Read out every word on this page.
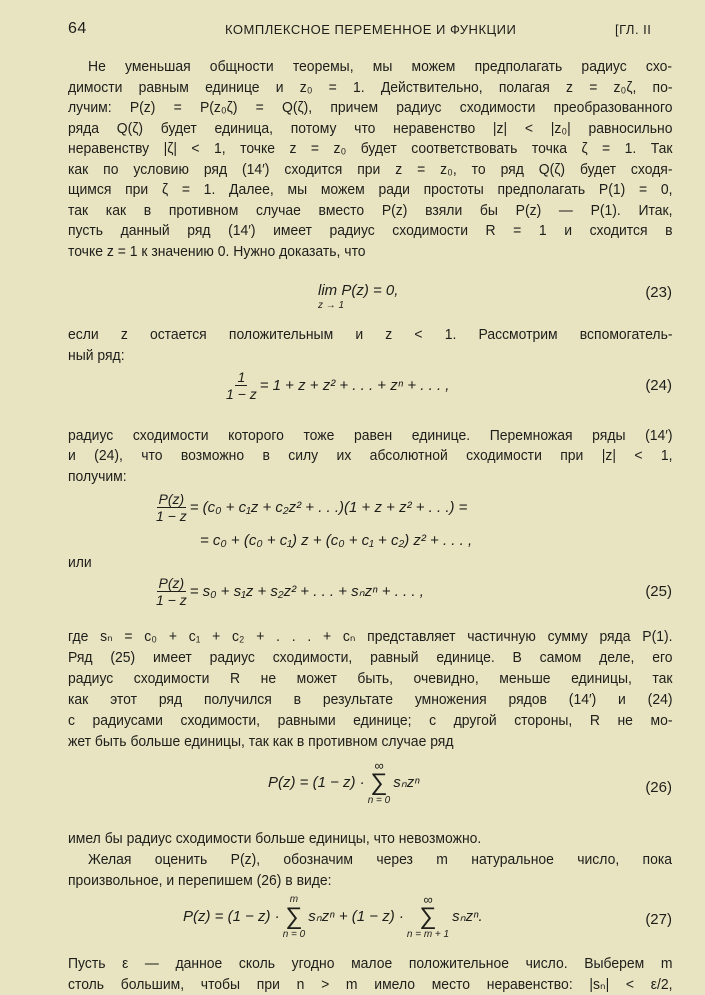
64	КОМПЛЕКСНОЕ ПЕРЕМЕННОЕ И ФУНКЦИИ	[ГЛ. II
Не уменьшая общности теоремы, мы можем предполагать радиус схо-
димости равным единице и z₀ = 1. Действительно, полагая z = z₀ζ, по-
лучим: P(z) = P(z₀ζ) = Q(ζ), причем радиус сходимости преобразованного
ряда Q(ζ) будет единица, потому что неравенство |z| < |z₀| равносильно
неравенству |ζ| < 1, точке z = z₀ будет соответствовать точка ζ = 1. Так
как по условию ряд (14′) сходится при z = z₀, то ряд Q(ζ) будет сходя-
щимся при ζ = 1. Далее, мы можем ради простоты предполагать P(1) = 0,
так как в противном случае вместо P(z) взяли бы P(z) — P(1). Итак,
пусть данный ряд (14′) имеет радиус сходимости R = 1 и сходится в
точке z = 1 к значению 0. Нужно доказать, что
lim P(z) = 0,
z → 1
(23)
если z остается положительным и z < 1. Рассмотрим вспомогатель-
ный ряд:
$\frac{1}{1 - z} = 1 + z + z^2$ + . . . + zⁿ + . . . ,	(24)
радиус сходимости которого тоже равен единице. Перемножая ряды (14′)
и (24), что возможно в силу их абсолютной сходимости при |z| < 1,
получим:
$\frac{P(z)}{1 - z} = (c_0 + c_1z + c_2z^2$ + . . .)(1 + z + z² + . . .) =
= c₀ + (c₀ + c₁) z + (c₀ + c₁ + c₂) z² + . . . ,
или
$\frac{P(z)}{1 - z} = s_0 + s_1z + s_2z^2$ + . . . + sₙzⁿ + . . . ,	(25)
где sₙ = c₀ + c₁ + c₂ + . . . + cₙ представляет частичную сумму ряда P(1).
Ряд (25) имеет радиус сходимости, равный единице. В самом деле, его
радиус сходимости R не может быть, очевидно, меньше единицы, так
как этот ряд получился в результате умножения рядов (14′) и (24)
с радиусами сходимости, равными единице; с другой стороны, R не мо-
жет быть больше единицы, так как в противном случае ряд
P(z) = (1 − z) ·
∞
∑
n = 0
sₙzⁿ	(26)
имел бы радиус сходимости больше единицы, что невозможно.
Желая оценить P(z), обозначим через m натуральное число, пока
произвольное, и перепишем (26) в виде:
P(z) = (1 − z) ·
m
∑
n = 0
sₙzⁿ + (1 − z) ·
∞
∑
n = m + 1
sₙzⁿ.	(27)
Пусть ε — данное сколь угодно малое положительное число. Выберем m
столь большим, чтобы при n > m имело место неравенство: |sₙ| < ε/2,
